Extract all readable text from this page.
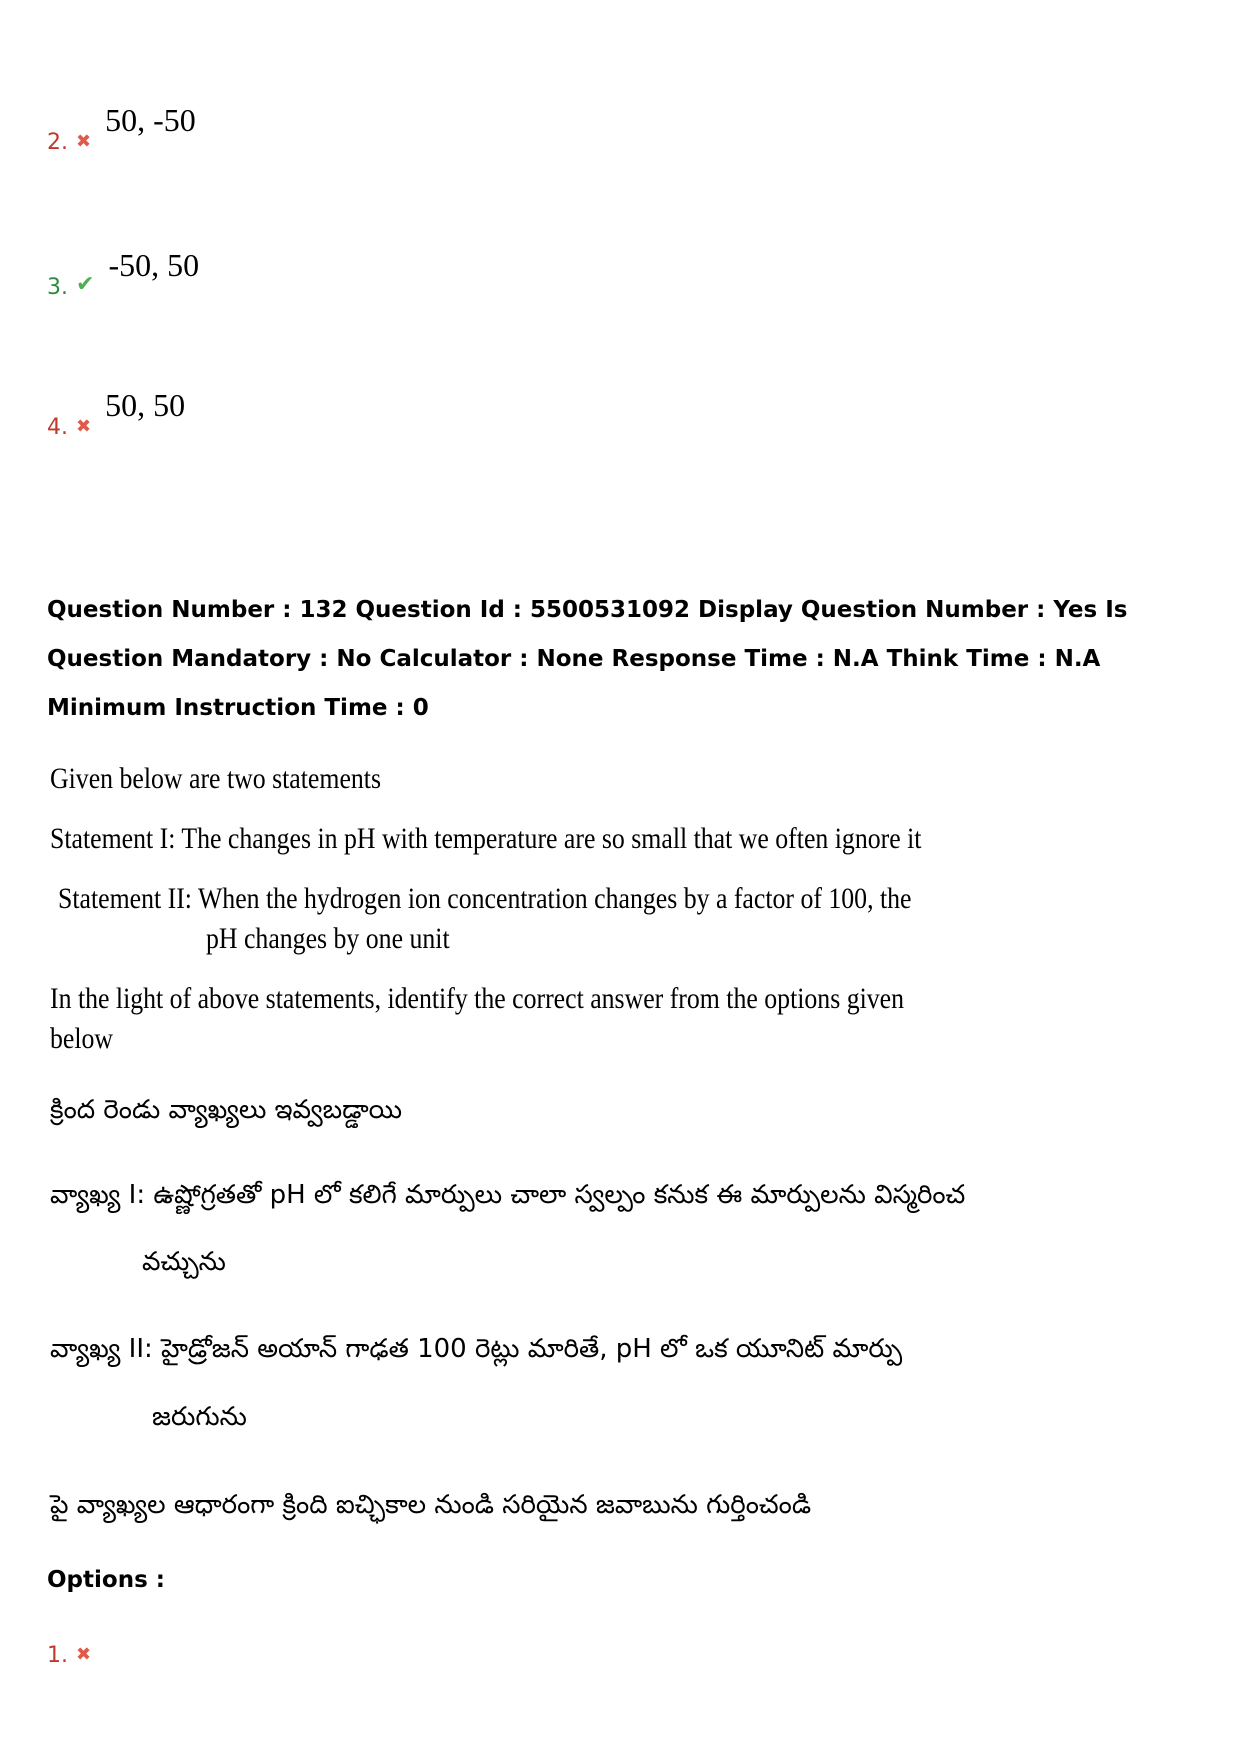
2. ✖
50, -50
3. ✔
-50, 50
4. ✖
50, 50
Question Number : 132 Question Id : 5500531092 Display Question Number : Yes Is Question Mandatory : No Calculator : None Response Time : N.A Think Time : N.A Minimum Instruction Time : 0
Given below are two statements
Statement I: The changes in pH with temperature are so small that we often ignore it
Statement II: When the hydrogen ion concentration changes by a factor of 100, the
pH changes by one unit
In the light of above statements, identify the correct answer from the options given
below
క్రింద రెండు వ్యాఖ్యలు ఇవ్వబడ్డాయి
వ్యాఖ్య I: ఉష్ణోగ్రతతో pH లో కలిగే మార్పులు చాలా స్వల్పం కనుక ఈ మార్పులను విస్మరించ
వచ్చును
వ్యాఖ్య II: హైడ్రోజన్ అయాన్ గాఢత 100 రెట్లు మారితే, pH లో ఒక యూనిట్ మార్పు
జరుగును
పై వ్యాఖ్యల ఆధారంగా క్రింది ఐచ్ఛికాల నుండి సరియైన జవాబును గుర్తించండి
Options :
1. ✖
